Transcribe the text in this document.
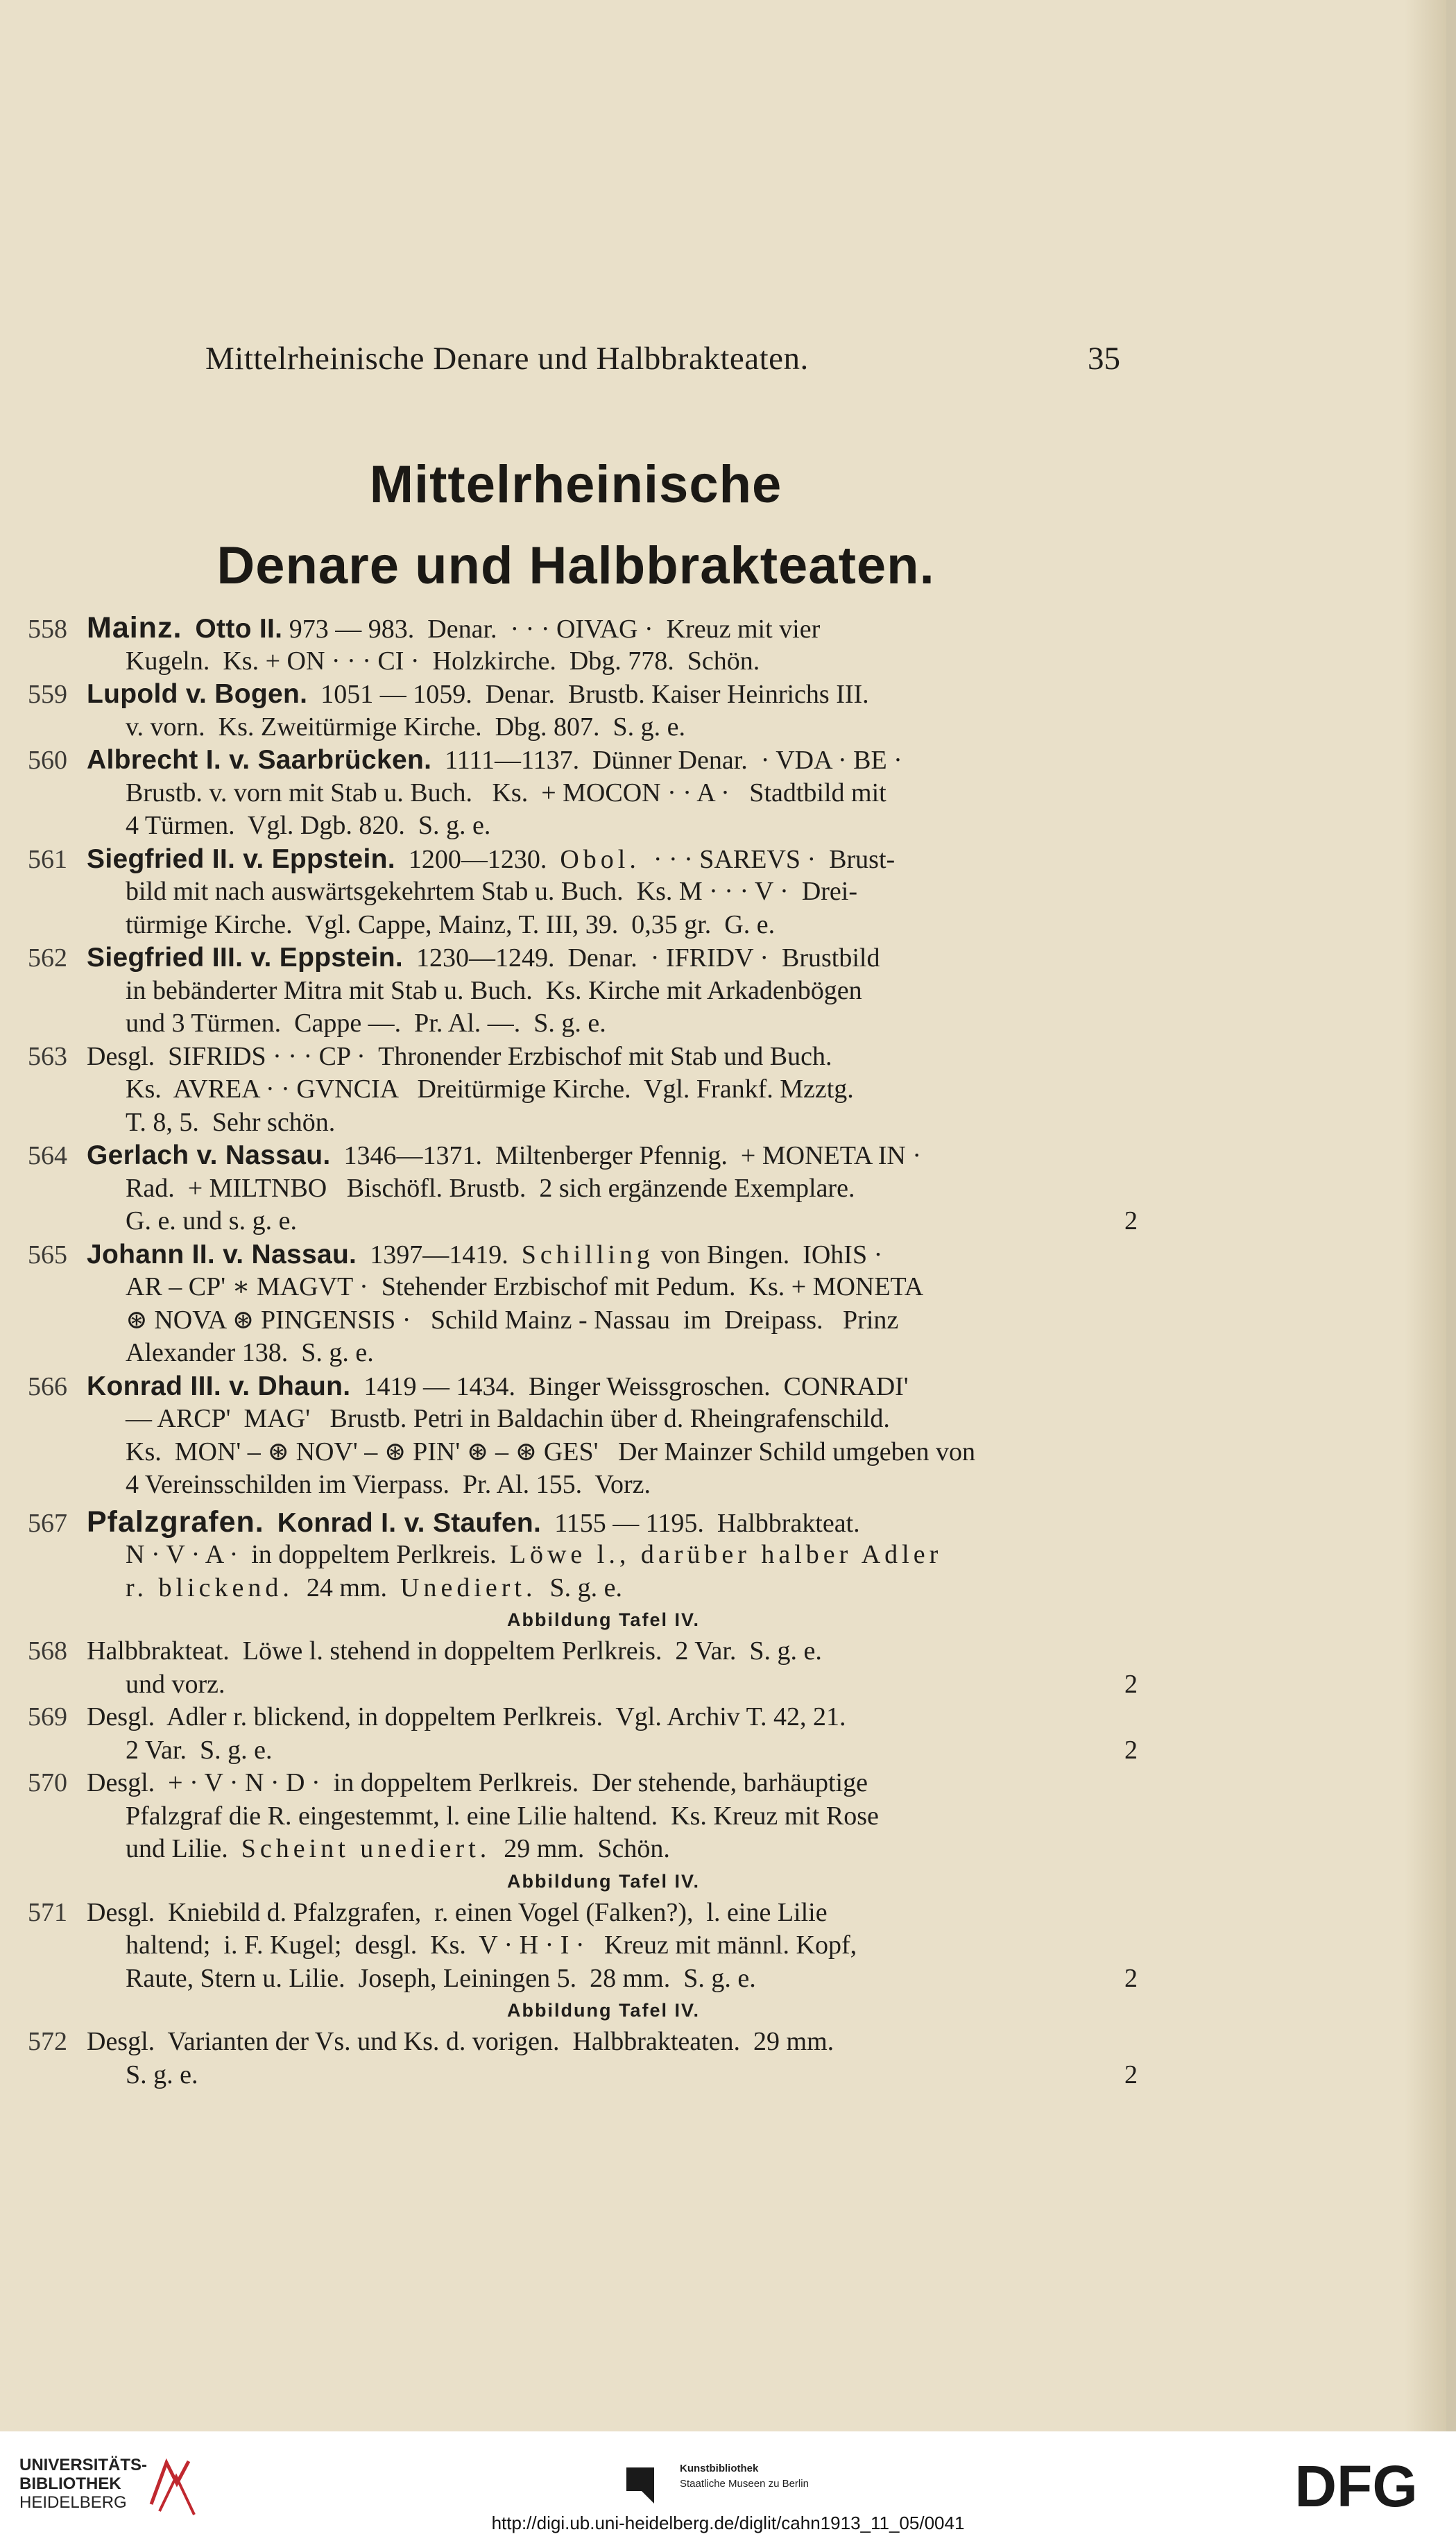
Mittelrheinische Denare und Halbbrakteaten.	35
Mittelrheinische
Denare und Halbbrakteaten.
558 Mainz. Otto II. 973 — 983.  Denar.  · · · OIVAG ·  Kreuz mit vier
Kugeln.  Ks. + ON · · · CI ·  Holzkirche.  Dbg. 778.  Schön.
559 Lupold v. Bogen.  1051 — 1059.  Denar.  Brustb. Kaiser Heinrichs III.
v. vorn.  Ks. Zweitürmige Kirche.  Dbg. 807.  S. g. e.
560 Albrecht I. v. Saarbrücken.  1111—1137.  Dünner Denar.  · VDA · BE ·
Brustb. v. vorn mit Stab u. Buch.   Ks.  + MOCON · · A ·   Stadtbild mit
4 Türmen.  Vgl. Dgb. 820.  S. g. e.
561 Siegfried II. v. Eppstein.  1200—1230.  Obol.  · · · SAREVS ·  Brust-
bild mit nach auswärtsgekehrtem Stab u. Buch.  Ks. M · · · V ·  Drei-
türmige Kirche.  Vgl. Cappe, Mainz, T. III, 39.  0,35 gr.  G. e.
562 Siegfried III. v. Eppstein.  1230—1249.  Denar.  · IFRIDV ·  Brustbild
in bebänderter Mitra mit Stab u. Buch.  Ks. Kirche mit Arkadenbögen
und 3 Türmen.  Cappe —.  Pr. Al. —.  S. g. e.
563 Desgl.  SIFRIDS · · · CP ·  Thronender Erzbischof mit Stab und Buch.
Ks.  AVREA · · GVNCIA   Dreitürmige Kirche.  Vgl. Frankf. Mzztg.
T. 8, 5.  Sehr schön.
564 Gerlach v. Nassau.  1346—1371.  Miltenberger Pfennig.  + MONETA IN ·
Rad.  + MILTNBO   Bischöfl. Brustb.  2 sich ergänzende Exemplare.
G. e. und s. g. e.	2
565 Johann II. v. Nassau.  1397—1419.  Schilling von Bingen.  IOhIS ·
AR – CP' ∗ MAGVT ·  Stehender Erzbischof mit Pedum.  Ks. + MONETA
⊛ NOVA ⊛ PINGENSIS ·   Schild Mainz - Nassau  im  Dreipass.   Prinz
Alexander 138.  S. g. e.
566 Konrad III. v. Dhaun.  1419 — 1434.  Binger Weissgroschen.  CONRADI'
— ARCP'  MAG'   Brustb. Petri in Baldachin über d. Rheingrafenschild.
Ks.  MON' – ⊛ NOV' – ⊛ PIN' ⊛ – ⊛ GES'   Der Mainzer Schild umgeben von
4 Vereinsschilden im Vierpass.  Pr. Al. 155.  Vorz.
567 Pfalzgrafen. Konrad I. v. Staufen.  1155 — 1195.  Halbbrakteat.
N · V · A ·  in doppeltem Perlkreis.  Löwe l., darüber halber Adler
r. blickend.  24 mm.  Unediert.  S. g. e.
Abbildung Tafel IV.
568 Halbbrakteat.  Löwe l. stehend in doppeltem Perlkreis.  2 Var.  S. g. e.
und vorz.	2
569 Desgl.  Adler r. blickend, in doppeltem Perlkreis.  Vgl. Archiv T. 42, 21.
2 Var.  S. g. e.	2
570 Desgl.  + · V · N · D ·  in doppeltem Perlkreis.  Der stehende, barhäuptige
Pfalzgraf die R. eingestemmt, l. eine Lilie haltend.  Ks. Kreuz mit Rose
und Lilie.  Scheint unediert.  29 mm.  Schön.
Abbildung Tafel IV.
571 Desgl.  Kniebild d. Pfalzgrafen,  r. einen Vogel (Falken?),  l. eine Lilie
haltend;  i. F. Kugel;  desgl.  Ks.  V · H · I ·   Kreuz mit männl. Kopf,
Raute, Stern u. Lilie.  Joseph, Leiningen 5.  28 mm.  S. g. e.	2
Abbildung Tafel IV.
572 Desgl.  Varianten der Vs. und Ks. d. vorigen.  Halbbrakteaten.  29 mm.
S. g. e.	2
UNIVERSITÄTS-
BIBLIOTHEK
HEIDELBERG
Kunstbibliothek
Staatliche Museen zu Berlin	DFG
http://digi.ub.uni-heidelberg.de/diglit/cahn1913_11_05/0041
